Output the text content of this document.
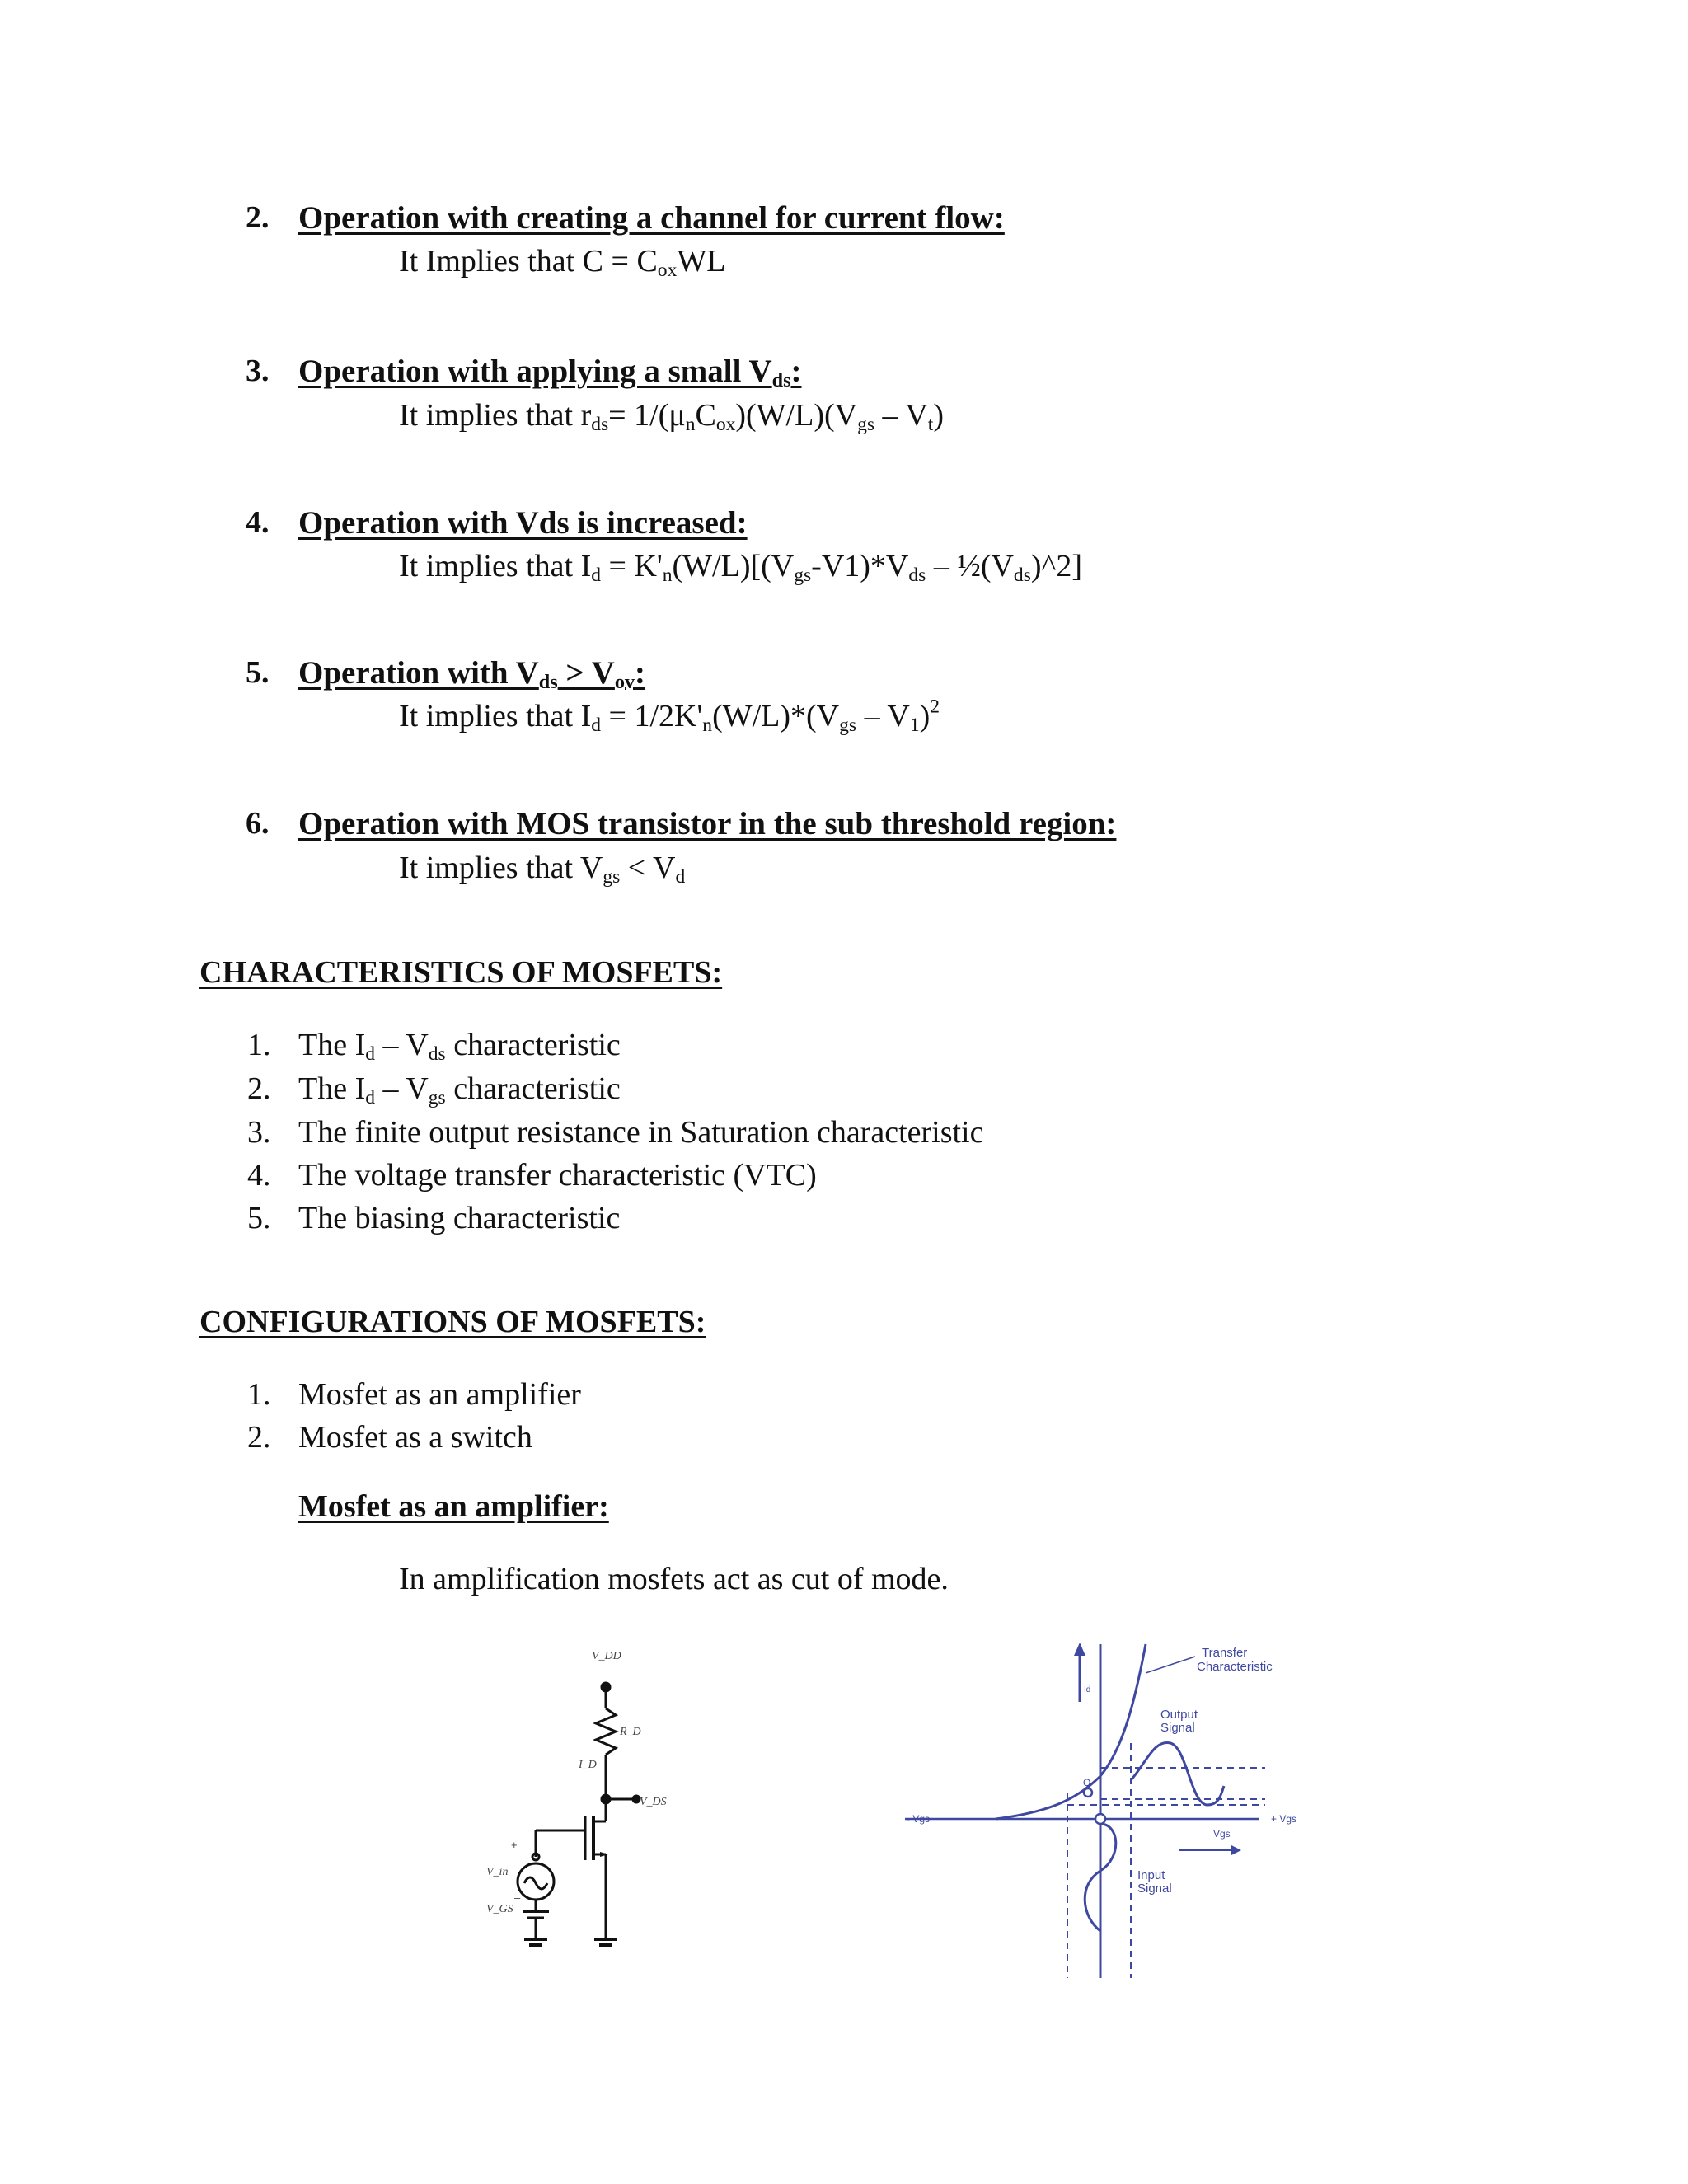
2. Operation with creating a channel for current flow:
It Implies that $C = C_{ox}WL$
3. Operation with applying a small $V_{ds}$:
It implies that $r_{ds}= 1/(\mu_nC_{ox})(W/L)(V_{gs} - V_t)$
4. Operation with Vds is increased:
It implies that $I_d = K'_n(W/L)[(V_{gs}-V1)*V_{ds}$ – $\frac{1}{2}(V_{ds})\^{}2$]
5. Operation with $V_{ds} > V_{ov}$:
It implies that $I_d = 1/2K'_n(W/L)*(V_{gs} - V_1)^2$
6. Operation with MOS transistor in the sub threshold region:
It implies that $V_{gs} < V_d$
CHARACTERISTICS OF MOSFETS:
1. The $I_d - V_{ds}$ characteristic
2. The $I_d - V_{gs}$ characteristic
3. The finite output resistance in Saturation characteristic
4. The voltage transfer characteristic (VTC)
5. The biasing characteristic
CONFIGURATIONS OF MOSFETS:
1. Mosfet as an amplifier
2. Mosfet as a switch
Mosfet as an amplifier:
In amplification mosfets act as cut of mode.
V_DD
R_D
I_D
V_DS
V_in
V_GS
+
–
Id
Transfer
Characteristic
Output
Signal
Q
- Vgs	+ Vgs
Vgs
Input
Signal
